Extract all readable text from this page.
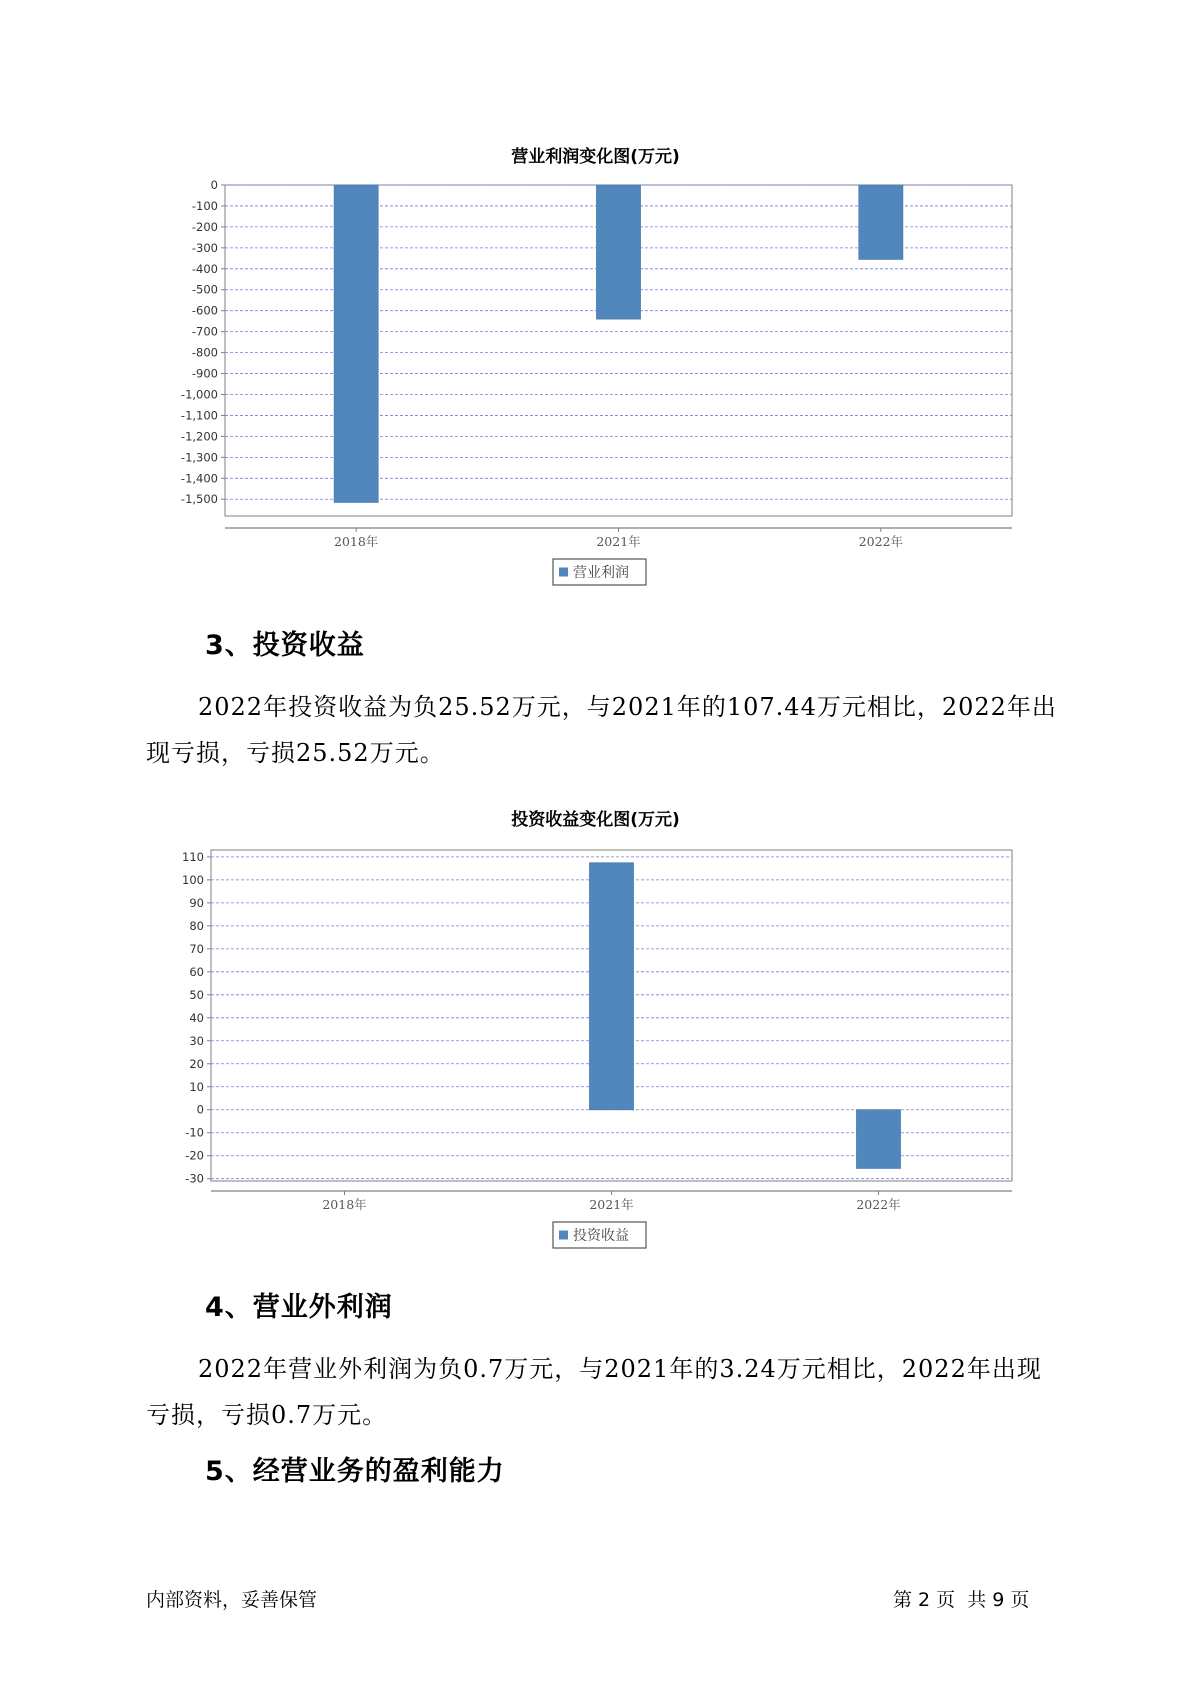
营业利润变化图(万元)
0
-100
-200
-300
-400
-500
-600
-700
-800
-900
-1,000
-1,100
-1,200
-1,300
-1,400
-1,500
2018年	2021年	2022年
营业利润
3、投资收益

2022年投资收益为负25.52万元，与2021年的107.44万元相比，2022年出现亏损，亏损25.52万元。

投资收益变化图(万元)
110
100
90
80
70
60
50
40
30
20
10
0
-10
-20
-30
2018年	2021年	2022年
投资收益
4、营业外利润

2022年营业外利润为负0.7万元，与2021年的3.24万元相比，2022年出现亏损，亏损0.7万元。

5、经营业务的盈利能力
内部资料，妥善保管	第 2 页  共 9 页
